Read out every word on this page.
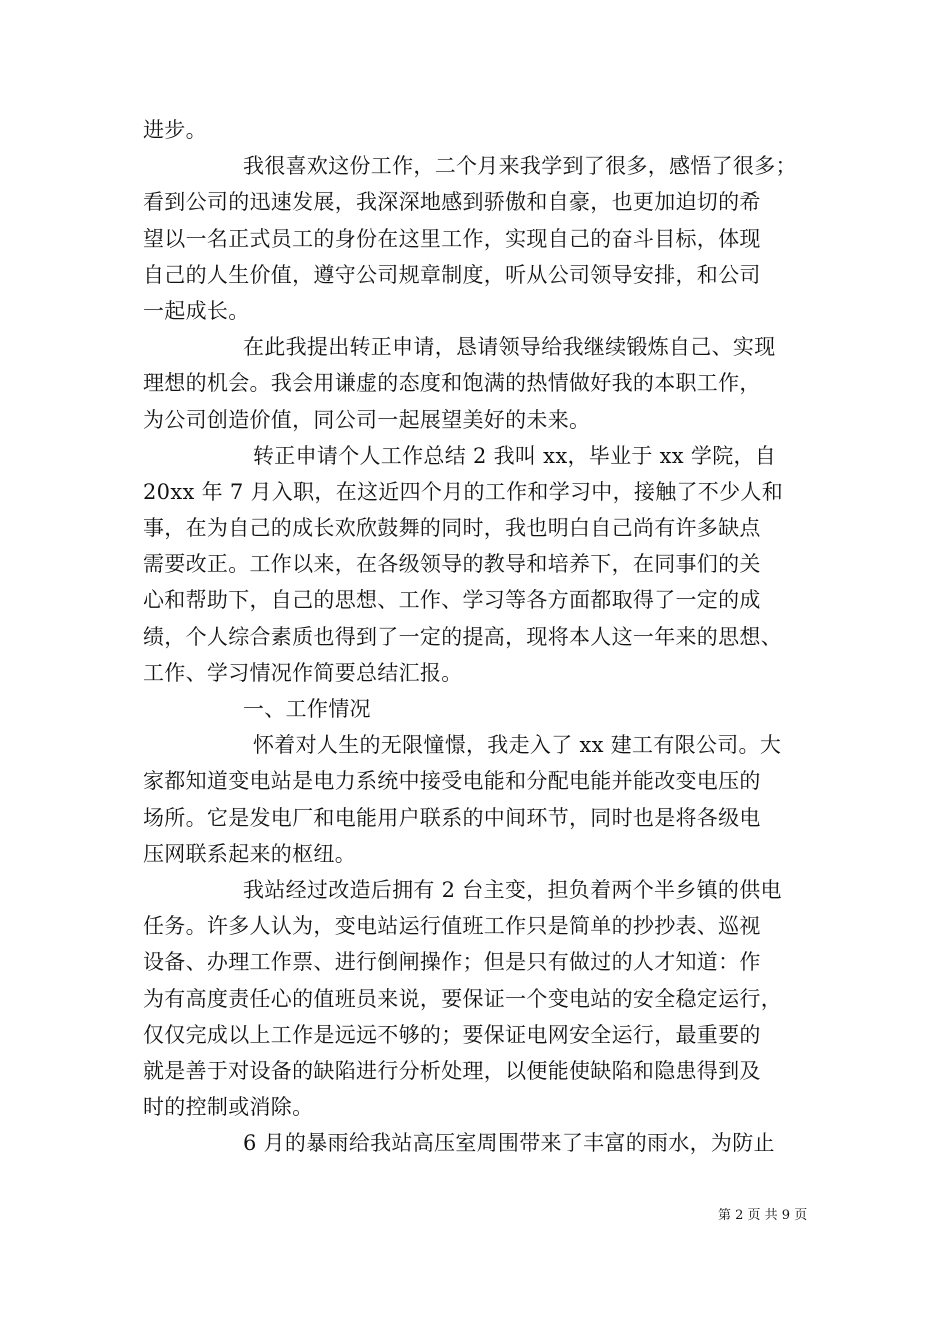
进步。
我很喜欢这份工作，二个月来我学到了很多，感悟了很多；
看到公司的迅速发展，我深深地感到骄傲和自豪，也更加迫切的希
望以一名正式员工的身份在这里工作，实现自己的奋斗目标，体现
自己的人生价值，遵守公司规章制度，听从公司领导安排，和公司
一起成长。
在此我提出转正申请，恳请领导给我继续锻炼自己、实现
理想的机会。我会用谦虚的态度和饱满的热情做好我的本职工作，
为公司创造价值，同公司一起展望美好的未来。
转正申请个人工作总结 2 我叫 xx，毕业于 xx 学院，自
20xx 年 7 月入职，在这近四个月的工作和学习中，接触了不少人和
事，在为自己的成长欢欣鼓舞的同时，我也明白自己尚有许多缺点
需要改正。工作以来，在各级领导的教导和培养下，在同事们的关
心和帮助下，自己的思想、工作、学习等各方面都取得了一定的成
绩，个人综合素质也得到了一定的提高，现将本人这一年来的思想、
工作、学习情况作简要总结汇报。
一、工作情况
怀着对人生的无限憧憬，我走入了 xx 建工有限公司。大
家都知道变电站是电力系统中接受电能和分配电能并能改变电压的
场所。它是发电厂和电能用户联系的中间环节，同时也是将各级电
压网联系起来的枢纽。
我站经过改造后拥有 2 台主变，担负着两个半乡镇的供电
任务。许多人认为，变电站运行值班工作只是简单的抄抄表、巡视
设备、办理工作票、进行倒闸操作；但是只有做过的人才知道：作
为有高度责任心的值班员来说，要保证一个变电站的安全稳定运行，
仅仅完成以上工作是远远不够的；要保证电网安全运行，最重要的
就是善于对设备的缺陷进行分析处理，以便能使缺陷和隐患得到及
时的控制或消除。
6 月的暴雨给我站高压室周围带来了丰富的雨水，为防止
第 2 页 共 9 页
